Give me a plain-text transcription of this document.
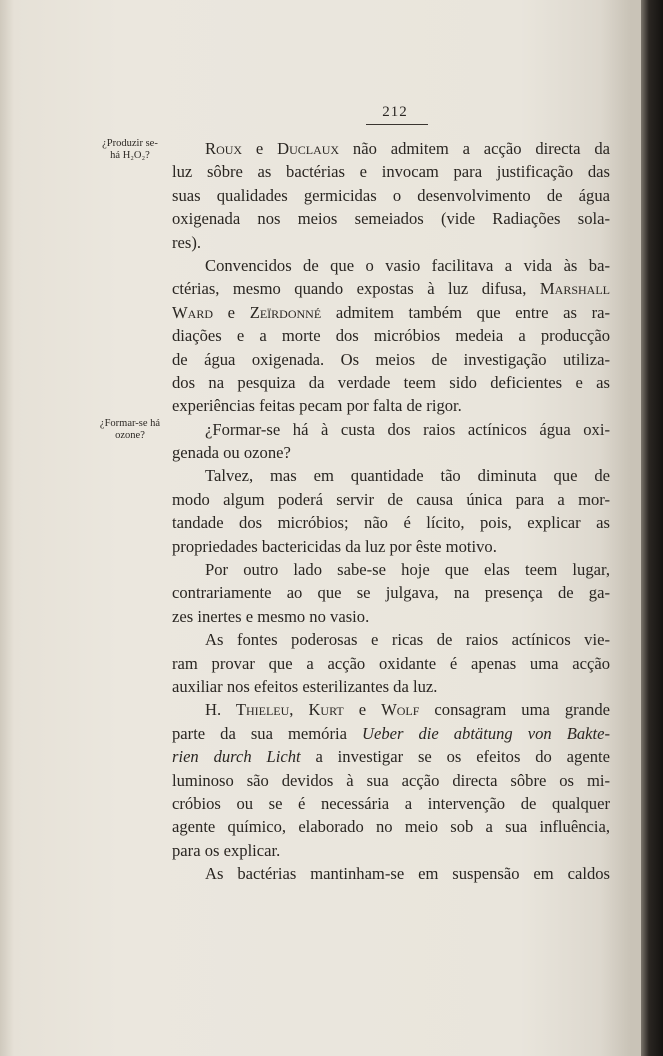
212
¿Produzir se-
há H₂O₂?
¿Formar-se há
ozone?
Roux e Duclaux não admitem a acção directa da
luz sôbre as bactérias e invocam para justificação das
suas qualidades germicidas o desenvolvimento de água
oxigenada nos meios semeiados (vide Radiações sola-
res).
Convencidos de que o vasio facilitava a vida às ba-
ctérias, mesmo quando expostas à luz difusa, Marshall
Ward e Zeïrdonné admitem também que entre as ra-
diações e a morte dos micróbios medeia a producção
de água oxigenada. Os meios de investigação utiliza-
dos na pesquiza da verdade teem sido deficientes e as
experiências feitas pecam por falta de rigor.
¿Formar-se há à custa dos raios actínicos água oxi-
genada ou ozone?
Talvez, mas em quantidade tão diminuta que de
modo algum poderá servir de causa única para a mor-
tandade dos micróbios; não é lícito, pois, explicar as
propriedades bactericidas da luz por êste motivo.
Por outro lado sabe-se hoje que elas teem lugar,
contrariamente ao que se julgava, na presença de ga-
zes inertes e mesmo no vasio.
As fontes poderosas e ricas de raios actínicos vie-
ram provar que a acção oxidante é apenas uma acção
auxiliar nos efeitos esterilizantes da luz.
H. Thieleu, Kurt e Wolf consagram uma grande
parte da sua memória Ueber die abtätung von Bakte-
rien durch Licht a investigar se os efeitos do agente
luminoso são devidos à sua acção directa sôbre os mi-
cróbios ou se é necessária a intervenção de qualquer
agente químico, elaborado no meio sob a sua influência,
para os explicar.
As bactérias mantinham-se em suspensão em caldos
